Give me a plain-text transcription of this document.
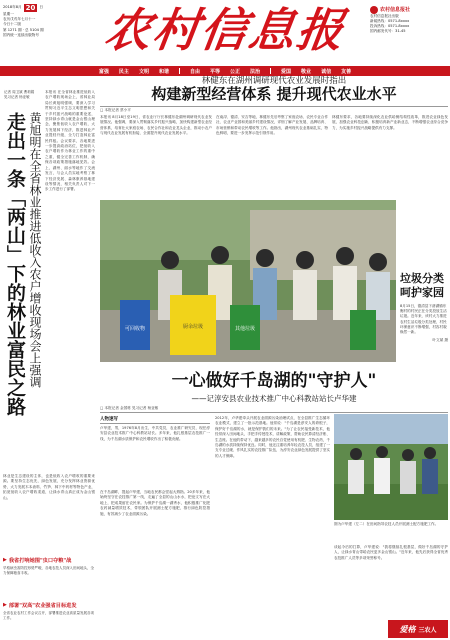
2018年8月 20	日
星期一
农历戊戌年七月十一
今日十二版
第 1271 期 · 总 5104 期
国内统一连续出版物号	农村信息报	农村信息报社
农村信息报社出版
新闻热线：0571-8xxxx
投诉热线：0571-8xxxx
国内邮发代号：31-45
富强 民主 文明 和谐	自由 平等 公正 法治	爱国 敬业 诚信 友善
记者 周卫斌 曹莉娟
见习记者 杨亚敏
走出一条「两山」下的林业富民之路 黄旭明在全省林业推进低收入农户增收现场会上强调
本报讯 在全省林业推进低收入农户增收现场会上，省林业局局长黄旭明强调，要深入学习贯彻习近平生态文明思想和关于乡村振兴战略的重要论述，坚持绿水青山就是金山银山理念，聚焦低收入农户增收，大力发展林下经济，推进林业产业提档升级，全力打造林业富民样板。会议要求，各地要进一步提高政治站位，把低收入农户增收作为林业工作的重中之重，健全完善工作机制，确保各项政策措施落地见效。会上，湖州、丽水等地作了交流发言，与会人员实地考察了林下经济发展、森林康养基地建设等情况，相关负责人对下一步工作进行了部署。
林业是生态建设的主体，也是低收入农户增收的重要来源。要坚持生态优先、绿色发展，充分发挥林业资源优势，大力发展木本油料、竹笋、林下中药材等特色产业，拓宽低收入农户增收渠道，让绿水青山真正成为金山银山。
▶ 我省打响她围"虫口夺粮"战
早稻病虫害防控形势严峻，各地农技人员深入田间地头，全力保障粮食丰收。
▶ 部署"双高"农业强省目标进发
全省农业农村工作会议召开，部署推进农业高质量发展各项工作。
林健东在湖州调研现代农业发展时指出
构建新型经营体系 提升现代农业水平
□ 本报记者 蔡小平
本报讯 8月18日至19日，省农业厅厅长林健东赴湖州调研现代农业发展情况。他强调，要深入贯彻落实乡村振兴战略，加快构建新型农业经营体系，培育壮大家庭农场、农民合作社和农业龙头企业，推动小农户与现代农业发展有机衔接，全面提升现代农业发展水平。
在南浔、德清、安吉等地，林健东先后考察了家庭农场、农民专业合作社、农业产业园和美丽乡村建设情况，详细了解产业发展、品牌培育、市场营销和带动农民增收等工作。他指出，湖州现代农业基础扎实，特色鲜明，要进一步发挥示范引领作用。
林健东要求，各地要持续深化农业供给侧结构性改革，推进农业绿色发展，加强农业科技创新，积极培育新产业新业态，不断增强农业综合竞争力，为实施乡村振兴战略提供有力支撑。
可回收物	厨余垃圾	其他垃圾
垃圾分类 呵护家园
8月15日，德清县下渚湖镇东衡村的村民正在分类投放生活垃圾。近年来，该村大力推进农村生活垃圾分类处理，村民环保意识不断增强，村容村貌焕然一新。
叶文斌 摄
一心做好千岛湖的"守护人"
——记淳安县农业技术推广中心科教站站长卢华建
□ 本报记者 金国栋 见习记者 杨亚敏
人物速写
卢华建，男，1976年8月出生，中共党员，农业推广研究员，现任淳安县农业技术推广中心科教站站长。多年来，他扎根基层农技推广一线，为千岛湖水质保护和农民增收作出了积极贡献。
在千岛湖畔，提起卢华建，当地农民都会竖起大拇指。20多年来，他始终坚守在农技推广第一线，走遍了全县的山山水水，把论文写在大地上，把成果留在农民家。为保护千岛湖一湖秀水，他积极推广化肥农药减量增效技术，带领团队开展测土配方施肥，推行绿色防控措施，有效减少了农业面源污染。
2012年，卢华建牵头开展农业面源污染治理试点，在全县推广生态循环农业模式，建立了一批示范基地。他常说："千岛湖是淳安人的命根子，保护好千岛湖的水，就是保护我们的未来。"为了让农民接受新技术，他经常深入田间地头，手把手传授技术，讲解政策，帮助农民算清经济账、生态账。在他的带动下，越来越多的农民自觉使用有机肥、生物农药，千岛湖的水质持续保持优良。同时，他还注重培养年轻农技人员，组建了一支专业过硬、作风扎实的农技推广队伍，为淳安农业绿色发展提供了坚实的人才保障。
图为卢华建（左二）在田间指导农技人员开展测土配方施肥工作。
谈起今后的打算，卢华建说："我将继续扎根基层，做好千岛湖的守护人，让绿水青山带给农民更多金山银山。"近年来，他先后获得全省优秀农技推广人员等多项荣誉称号。
爱格 三农人
